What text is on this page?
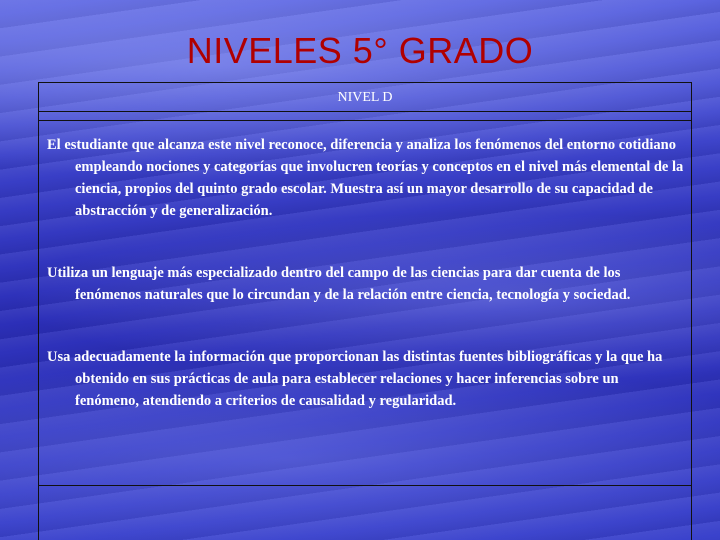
NIVELES 5° GRADO
NIVEL D
El estudiante que alcanza este nivel reconoce, diferencia y analiza los fenómenos del entorno cotidiano empleando nociones y categorías que involucren teorías y conceptos en el nivel más elemental de la ciencia, propios del quinto grado escolar. Muestra así un mayor desarrollo de su capacidad de abstracción y de generalización.
Utiliza un lenguaje más especializado dentro del campo de las ciencias para dar cuenta de los fenómenos naturales que lo circundan y de la relación entre ciencia, tecnología y sociedad.
Usa adecuadamente la información que proporcionan las distintas fuentes bibliográficas y la que ha obtenido en sus prácticas de aula para establecer relaciones y hacer inferencias sobre un fenómeno, atendiendo a criterios de causalidad y regularidad.
